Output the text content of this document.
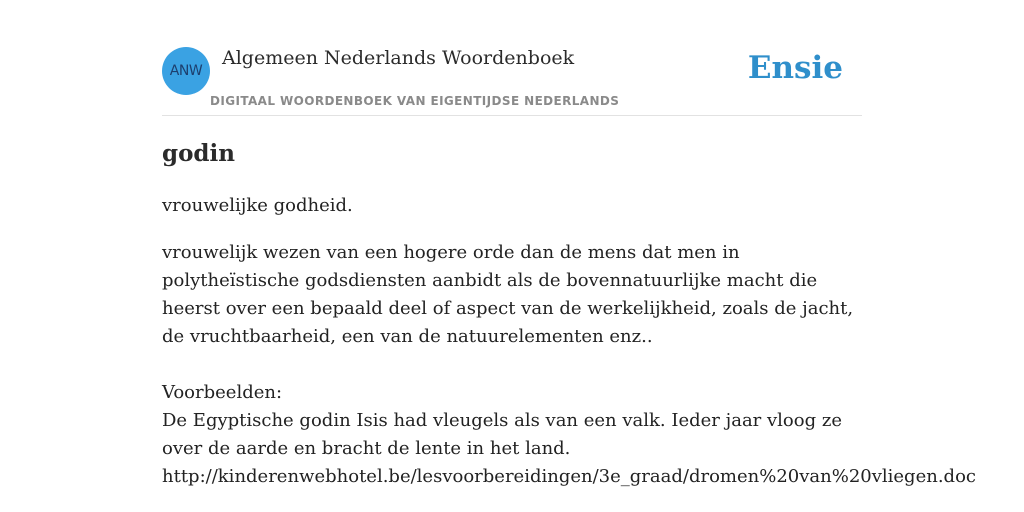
ANW
Algemeen Nederlands Woordenboek
DIGITAAL WOORDENBOEK VAN EIGENTIJDSE NEDERLANDS
Ensie
godin

vrouwelijke godheid.

vrouwelijk wezen van een hogere orde dan de mens dat men in polytheïstische godsdiensten aanbidt als de bovennatuurlijke macht die heerst over een bepaald deel of aspect van de werkelijkheid, zoals de jacht, de vruchtbaarheid, een van de natuurelementen enz..

Voorbeelden:
De Egyptische godin Isis had vleugels als van een valk. Ieder jaar vloog ze over de aarde en bracht de lente in het land.
http://kinderenwebhotel.be/lesvoorbereidingen/3e_graad/dromen%20van%20vliegen.doc
